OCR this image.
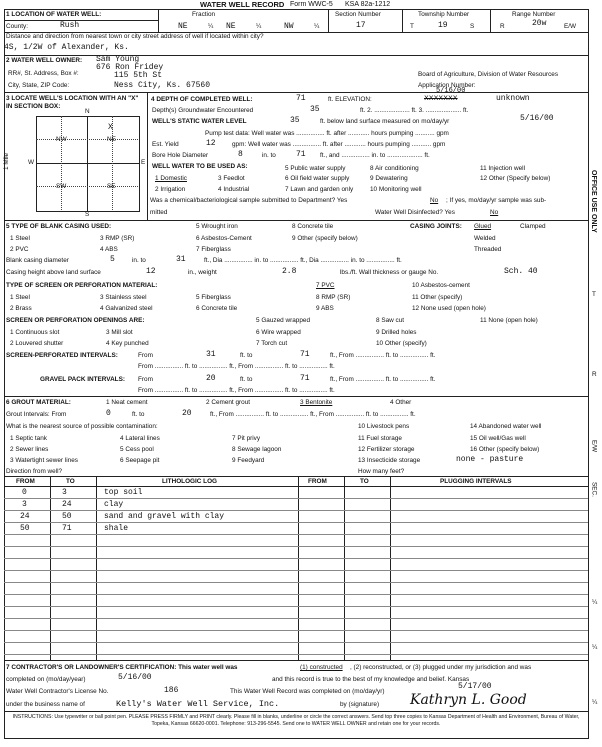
WATER WELL RECORD Form WWC-5 KSA 82a-1212
1 LOCATION OF WATER WELL:
County:	Rush
Fraction
NE	¼ NE	¼	NW	¼
Section Number
17
Township Number
T	19	S
Range Number
R	20w	E/W
Distance and direction from nearest town or city street address of well if located within city?
4S, 1/2W of Alexander, Ks.
2 WATER WELL OWNER: Sam Young
676 Ron Fridey
RR#, St. Address, Box #:	115 5th St
City, State, ZIP Code:	Ness City, Ks. 67560
Board of Agriculture, Division of Water Resources
Application Number:
3 LOCATE WELL'S LOCATION WITH AN "X" IN SECTION BOX:
N
S
W	E
NW	NE
SW	SE
X
1 Mile
4 DEPTH OF COMPLETED WELL:	71	ft. ELEVATION:	xxxxxxx	unknown
5/16/00
Depth(s) Groundwater Encountered	35	ft. 2. .................... ft. 3. .................... ft.
WELL'S STATIC WATER LEVEL	35	ft. below land surface measured on mo/day/yr	5/16/00
Pump test data: Well water was ................ ft. after ............ hours pumping ........... gpm
Est. Yield	12	gpm: Well water was ................ ft. after ............ hours pumping ........... gpm
Bore Hole Diameter	8	in. to	71 ft., and ................ in. to .................... ft.
WELL WATER TO BE USED AS:
1 Domestic	3 Feedlot
5 Public water supply	8 Air conditioning	11 Injection well
2 Irrigation	4 Industrial	7 Lawn and garden only	10 Monitoring well
6 Oil field water supply	9 Dewatering	12 Other (Specify below)
Was a chemical/bacteriological sample submitted to Department? Yes	No ; If yes, mo/day/yr sample was sub-
mitted	Water Well Disinfected? Yes	No
5 TYPE OF BLANK CASING USED:
1 Steel	3 RMP (SR)
5 Wrought iron	8 Concrete tile
2 PVC	4 ABS
6 Asbestos-Cement	9 Other (specify below)
7 Fiberglass
CASING JOINTS: Glued	Clamped
Welded
Threaded
Blank casing diameter	5	in. to	31	ft., Dia ................ in. to ................ ft., Dia ................ in. to ................ ft.
Casing height above land surface	12	in., weight	2.8	lbs./ft. Wall thickness or gauge No.	Sch. 40
TYPE OF SCREEN OR PERFORATION MATERIAL:
1 Steel	3 Stainless steel	5 Fiberglass
7 PVC	10 Asbestos-cement
2 Brass	4 Galvanized steel	6 Concrete tile
8 RMP (SR)	11 Other (specify)
9 ABS	12 None used (open hole)
SCREEN OR PERFORATION OPENINGS ARE:
1 Continuous slot	3 Mill slot
5 Gauzed wrapped	8 Saw cut	11 None (open hole)
2 Louvered shutter	4 Key punched
6 Wire wrapped	9 Drilled holes
7 Torch cut	10 Other (specify)
SCREEN-PERFORATED INTERVALS:	From	31	ft. to	71	ft., From ................ ft. to ................ ft.
From ................ ft. to ................ ft., From ................ ft. to ................ ft.
GRAVEL PACK INTERVALS: From	20	ft. to	71	ft., From ................ ft. to ................ ft.
From ................ ft. to ................ ft., From ................ ft. to ................ ft.
6 GROUT MATERIAL:	1 Neat cement	2 Cement grout	3 Bentonite	4 Other
Grout Intervals: From	0	ft. to	20	ft., From ................ ft. to ................ ft., From ................ ft. to ................ ft.
What is the nearest source of possible contamination:
1 Septic tank	4 Lateral lines	7 Pit privy
10 Livestock pens	14 Abandoned water well
2 Sewer lines	5 Cess pool	8 Sewage lagoon
11 Fuel storage	15 Oil well/Gas well
3 Watertight sewer lines	6 Seepage pit	9 Feedyard
12 Fertilizer storage	16 Other (specify below)
13 Insecticide storage	none - pasture
Direction from well?	How many feet?
FROM	TO	LITHOLOGIC LOG	FROM	TO	PLUGGING INTERVALS
0	3	top soil
3	24	clay
24	50	sand and gravel with clay
50	71	shale
7 CONTRACTOR'S OR LANDOWNER'S CERTIFICATION: This water well was	(1) constructed , (2) reconstructed, or (3) plugged under my jurisdiction and was
completed on (mo/day/year)	5/16/00	and this record is true to the best of my knowledge and belief. Kansas
Water Well Contractor's License No.	186	This Water Well Record was completed on (mo/day/yr)
5/17/00
under the business name of	Kelly's Water Well Service, Inc.	by (signature) Kathryn L. Good
INSTRUCTIONS: Use typewriter or ball point pen. PLEASE PRESS FIRMLY and PRINT clearly. Please fill in blanks, underline or circle the correct answers. Send top three copies to Kansas Department of Health and Environment, Bureau of Water, Topeka, Kansas 66620-0001. Telephone: 913-296-5545. Send one to WATER WELL OWNER and retain one for your records.
OFFICE USE ONLY
T
R
E/W
SEC.
¼
¼
¼
